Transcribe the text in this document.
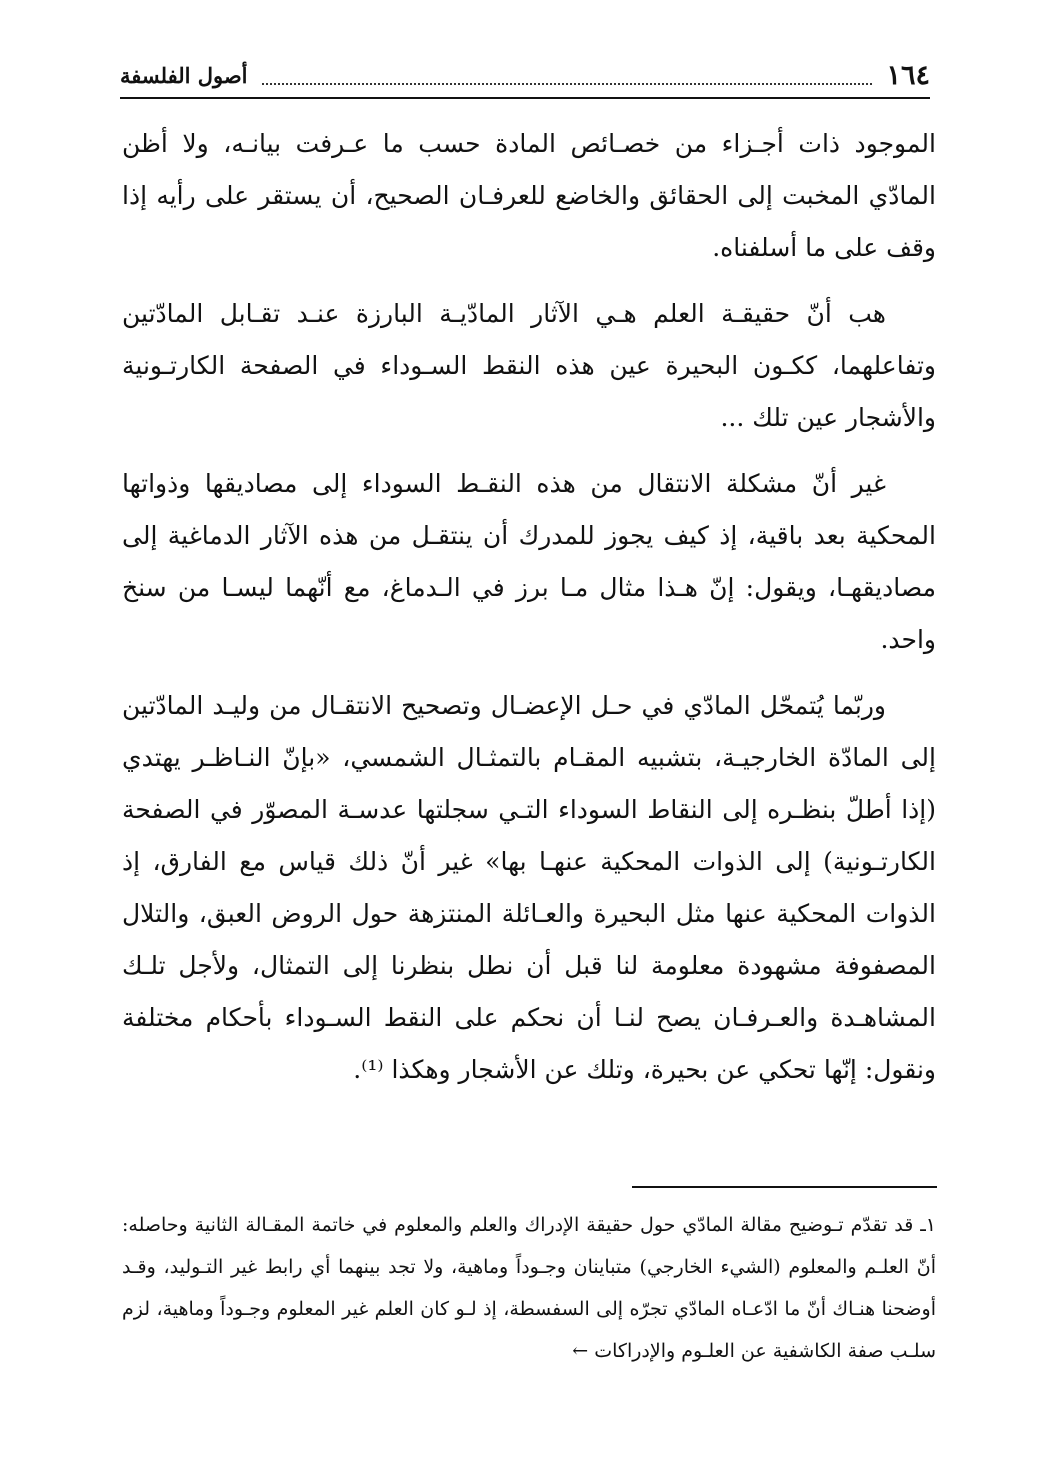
١٦٤
أصول الفلسفة

الموجود ذات أجـزاء من خصـائص المادة حسب ما عـرفت بيانـه، ولا أظن المادّي المخبت إلى الحقائق والخاضع للعرفـان الصحيح، أن يستقر على رأيه إذا وقف على ما أسلفناه.

هب أنّ حقيقـة العلم هـي الآثار المادّيـة البارزة عنـد تقـابل المادّتين وتفاعلهما، ككـون البحيرة عين هذه النقط السـوداء في الصفحة الكارتـونية والأشجار عين تلك ...

غير أنّ مشكلة الانتقال من هذه النقـط السوداء إلى مصاديقها وذواتها المحكية بعد باقية، إذ كيف يجوز للمدرك أن ينتقـل من هذه الآثار الدماغية إلى مصاديقهـا، ويقول: إنّ هـذا مثال مـا برز في الـدماغ، مع أنّهما ليسـا من سنخ واحد.

وربّما يُتمحّل المادّي في حـل الإعضـال وتصحيح الانتقـال من وليـد المادّتين إلى المادّة الخارجيـة، بتشبيه المقـام بالتمثـال الشمسي، «بإنّ النـاظـر يهتدي (إذا أطلّ بنظـره إلى النقاط السوداء التـي سجلتها عدسـة المصوّر في الصفحة الكارتـونية) إلى الذوات المحكية عنهـا بها» غير أنّ ذلك قياس مع الفارق، إذ الذوات المحكية عنها مثل البحيرة والعـائلة المنتزهة حول الروض العبق، والتلال المصفوفة مشهودة معلومة لنا قبل أن نطل بنظرنا إلى التمثال، ولأجل تلـك المشاهـدة والعـرفـان يصح لنـا أن نحكم على النقط السـوداء بأحكام مختلفة ونقول: إنّها تحكي عن بحيرة، وتلك عن الأشجار وهكذا ⁽¹⁾.

١ـ قد تقدّم تـوضيح مقالة المادّي حول حقيقة الإدراك والعلم والمعلوم في خاتمة المقـالة الثانية وحاصله: أنّ العلـم والمعلوم (الشيء الخارجي) متباينان وجـوداً وماهية، ولا تجد بينهما أي رابط غير التـوليد، وقـد أوضحنا هنـاك أنّ ما ادّعـاه المادّي تجرّه إلى السفسطة، إذ لـو كان العلم غير المعلوم وجـوداً وماهية، لزم سلـب صفة الكاشفية عن العلـوم والإدراكات ←
